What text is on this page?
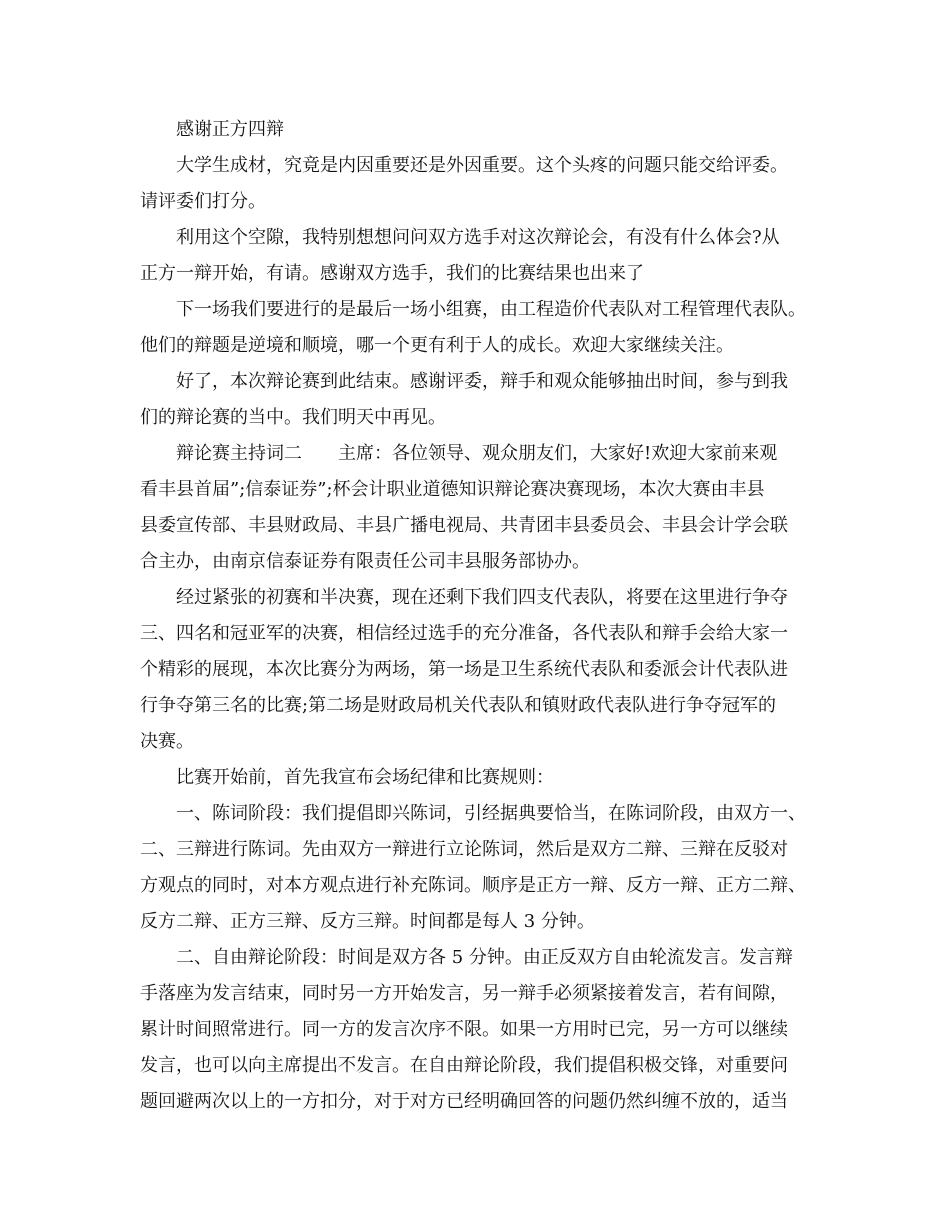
感谢正方四辩
大学生成材，究竟是内因重要还是外因重要。这个头疼的问题只能交给评委。
请评委们打分。
利用这个空隙，我特别想想问问双方选手对这次辩论会，有没有什么体会?从
正方一辩开始，有请。感谢双方选手，我们的比赛结果也出来了
下一场我们要进行的是最后一场小组赛，由工程造价代表队对工程管理代表队。
他们的辩题是逆境和顺境，哪一个更有利于人的成长。欢迎大家继续关注。
好了，本次辩论赛到此结束。感谢评委，辩手和观众能够抽出时间，参与到我
们的辩论赛的当中。我们明天中再见。
辩论赛主持词二　　主席：各位领导、观众朋友们，大家好!欢迎大家前来观
看丰县首届”;信泰证券”;杯会计职业道德知识辩论赛决赛现场，本次大赛由丰县
县委宣传部、丰县财政局、丰县广播电视局、共青团丰县委员会、丰县会计学会联
合主办，由南京信泰证券有限责任公司丰县服务部协办。
经过紧张的初赛和半决赛，现在还剩下我们四支代表队，将要在这里进行争夺
三、四名和冠亚军的决赛，相信经过选手的充分准备，各代表队和辩手会给大家一
个精彩的展现，本次比赛分为两场，第一场是卫生系统代表队和委派会计代表队进
行争夺第三名的比赛;第二场是财政局机关代表队和镇财政代表队进行争夺冠军的
决赛。
比赛开始前，首先我宣布会场纪律和比赛规则：
一、陈词阶段：我们提倡即兴陈词，引经据典要恰当，在陈词阶段，由双方一、
二、三辩进行陈词。先由双方一辩进行立论陈词，然后是双方二辩、三辩在反驳对
方观点的同时，对本方观点进行补充陈词。顺序是正方一辩、反方一辩、正方二辩、
反方二辩、正方三辩、反方三辩。时间都是每人 3 分钟。
二、自由辩论阶段：时间是双方各 5 分钟。由正反双方自由轮流发言。发言辩
手落座为发言结束，同时另一方开始发言，另一辩手必须紧接着发言，若有间隙，
累计时间照常进行。同一方的发言次序不限。如果一方用时已完，另一方可以继续
发言，也可以向主席提出不发言。在自由辩论阶段，我们提倡积极交锋，对重要问
题回避两次以上的一方扣分，对于对方已经明确回答的问题仍然纠缠不放的，适当
